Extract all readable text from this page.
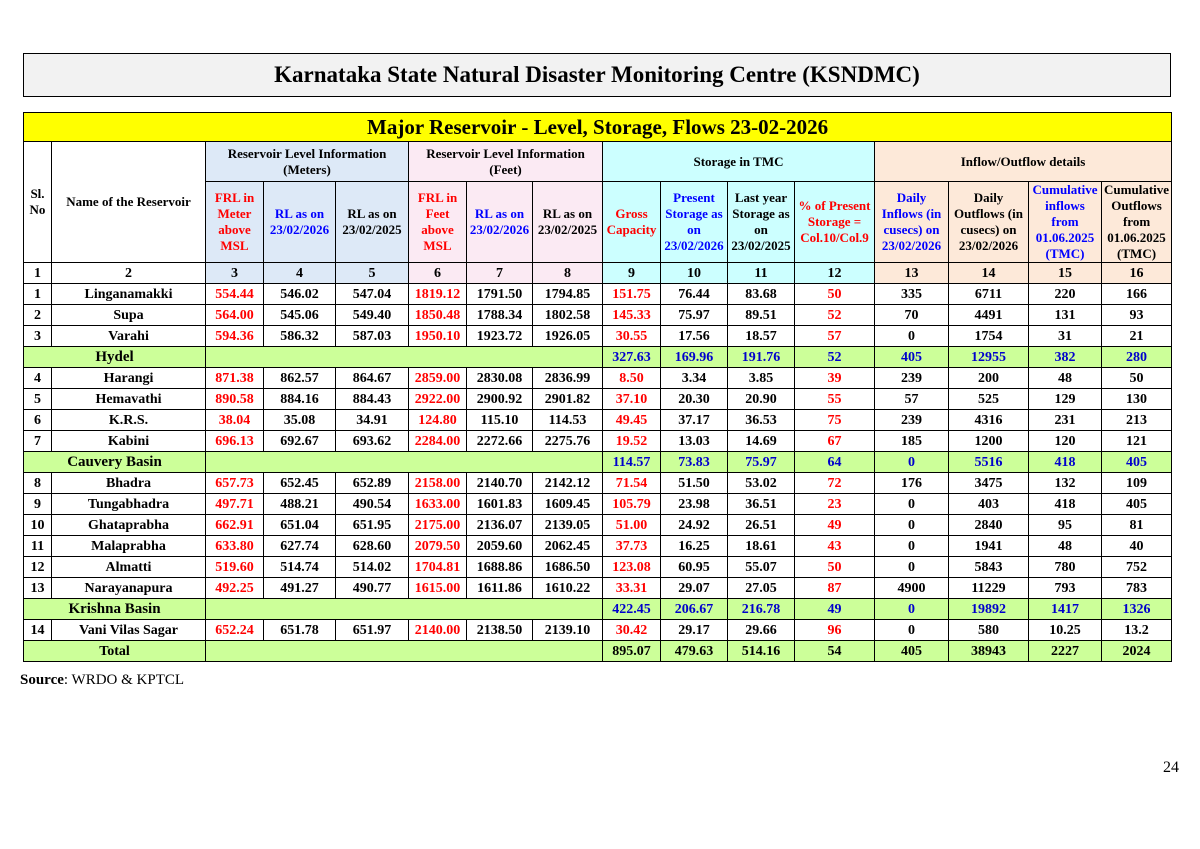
Karnataka State Natural Disaster Monitoring Centre (KSNDMC)
Major Reservoir - Level, Storage, Flows 23-02-2026															
Sl. No	Name of the Reservoir	Reservoir Level Information (Meters)			Reservoir Level Information (Feet)			Storage in TMC				Inflow/Outflow details			
		FRL in Meter above MSL	RL as on 23/02/2026	RL as on 23/02/2025	FRL in Feet above MSL	RL as on 23/02/2026	RL as on 23/02/2025	Gross Capacity	Present Storage as on 23/02/2026	Last year Storage as on 23/02/2025	% of Present Storage = Col.10/Col.9	Daily Inflows (in cusecs) on 23/02/2026	Daily Outflows (in cusecs) on 23/02/2026	Cumulative inflows from 01.06.2025 (TMC)	Cumulative Outflows from 01.06.2025 (TMC)
1	2	3	4	5	6	7	8	9	10	11	12	13	14	15	16
1	Linganamakki	554.44	546.02	547.04	1819.12	1791.50	1794.85	151.75	76.44	83.68	50	335	6711	220	166
2	Supa	564.00	545.06	549.40	1850.48	1788.34	1802.58	145.33	75.97	89.51	52	70	4491	131	93
3	Varahi	594.36	586.32	587.03	1950.10	1923.72	1926.05	30.55	17.56	18.57	57	0	1754	31	21
Hydel								327.63	169.96	191.76	52	405	12955	382	280
4	Harangi	871.38	862.57	864.67	2859.00	2830.08	2836.99	8.50	3.34	3.85	39	239	200	48	50
5	Hemavathi	890.58	884.16	884.43	2922.00	2900.92	2901.82	37.10	20.30	20.90	55	57	525	129	130
6	K.R.S.	38.04	35.08	34.91	124.80	115.10	114.53	49.45	37.17	36.53	75	239	4316	231	213
7	Kabini	696.13	692.67	693.62	2284.00	2272.66	2275.76	19.52	13.03	14.69	67	185	1200	120	121
Cauvery Basin								114.57	73.83	75.97	64	0	5516	418	405
8	Bhadra	657.73	652.45	652.89	2158.00	2140.70	2142.12	71.54	51.50	53.02	72	176	3475	132	109
9	Tungabhadra	497.71	488.21	490.54	1633.00	1601.83	1609.45	105.79	23.98	36.51	23	0	403	418	405
10	Ghataprabha	662.91	651.04	651.95	2175.00	2136.07	2139.05	51.00	24.92	26.51	49	0	2840	95	81
11	Malaprabha	633.80	627.74	628.60	2079.50	2059.60	2062.45	37.73	16.25	18.61	43	0	1941	48	40
12	Almatti	519.60	514.74	514.02	1704.81	1688.86	1686.50	123.08	60.95	55.07	50	0	5843	780	752
13	Narayanapura	492.25	491.27	490.77	1615.00	1611.86	1610.22	33.31	29.07	27.05	87	4900	11229	793	783
Krishna Basin								422.45	206.67	216.78	49	0	19892	1417	1326
14	Vani Vilas Sagar	652.24	651.78	651.97	2140.00	2138.50	2139.10	30.42	29.17	29.66	96	0	580	10.25	13.2
Total								895.07	479.63	514.16	54	405	38943	2227	2024
Source: WRDO & KPTCL
24
